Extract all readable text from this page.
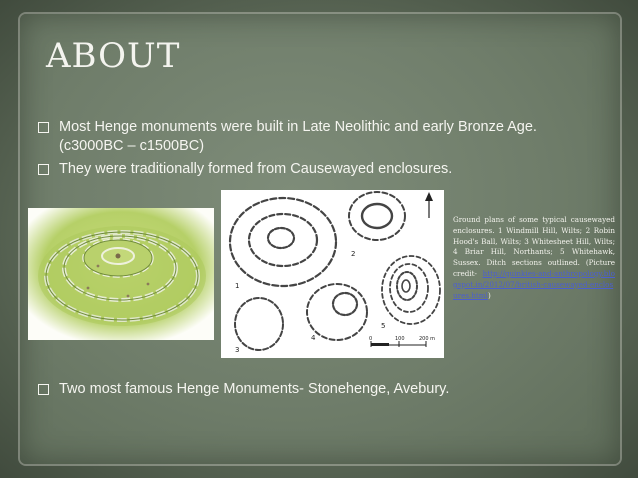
ABOUT
Most Henge monuments were built in Late Neolithic and early Bronze Age.
(c3000BC – c1500BC)
They were traditionally formed from Causewayed enclosures.
0	100	200 m
1
2
3
4
5
Ground plans of some typical causewayed enclosures. 1 Windmill Hill, Wilts; 2 Robin Hood's Ball, Wilts; 3 Whitesheet Hill, Wilts; 4 Briar Hill, Northants; 5 Whitehawk, Sussex. Ditch sections outlined. (Picture credit- http://quinkies-and-anthropology.blogspot.in/2012/07/british-causewayed-enclosures.html)
Two most famous Henge Monuments- Stonehenge, Avebury.
